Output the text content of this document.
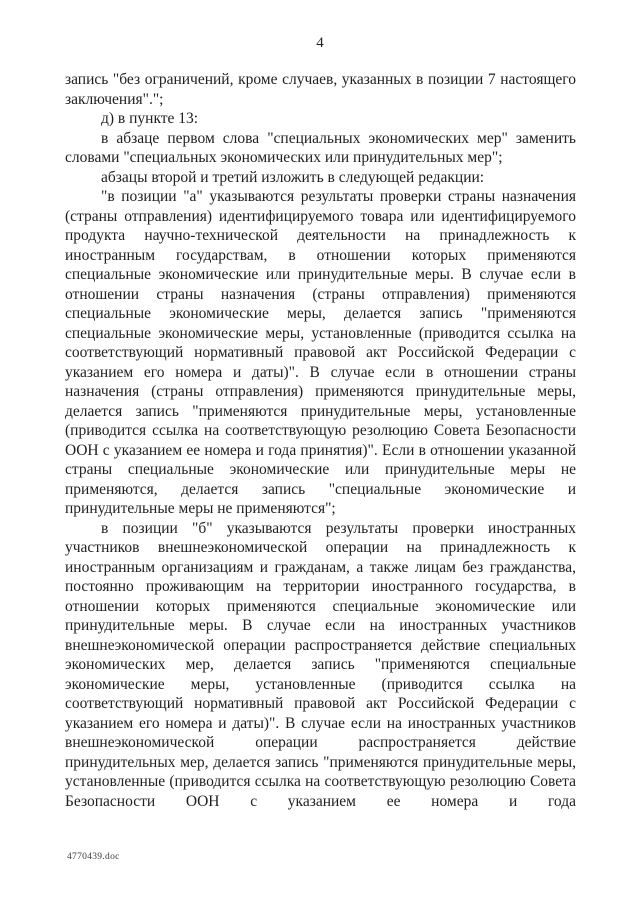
4

запись "без ограничений, кроме случаев, указанных в позиции 7 настоящего заключения".";

д) в пункте 13:

в абзаце первом слова "специальных экономических мер" заменить словами "специальных экономических или принудительных мер";

абзацы второй и третий изложить в следующей редакции:

"в позиции "а" указываются результаты проверки страны назначения (страны отправления) идентифицируемого товара или идентифицируемого продукта научно-технической деятельности на принадлежность к иностранным государствам, в отношении которых применяются специальные экономические или принудительные меры. В случае если в отношении страны назначения (страны отправления) применяются специальные экономические меры, делается запись "применяются специальные экономические меры, установленные (приводится ссылка на соответствующий нормативный правовой акт Российской Федерации с указанием его номера и даты)". В случае если в отношении страны назначения (страны отправления) применяются принудительные меры, делается запись "применяются принудительные меры, установленные (приводится ссылка на соответствующую резолюцию Совета Безопасности ООН с указанием ее номера и года принятия)". Если в отношении указанной страны специальные экономические или принудительные меры не применяются, делается запись "специальные экономические и принудительные меры не применяются";

в позиции "б" указываются результаты проверки иностранных участников внешнеэкономической операции на принадлежность к иностранным организациям и гражданам, а также лицам без гражданства, постоянно проживающим на территории иностранного государства, в отношении которых применяются специальные экономические или принудительные меры. В случае если на иностранных участников внешнеэкономической операции распространяется действие специальных экономических мер, делается запись "применяются специальные экономические меры, установленные (приводится ссылка на соответствующий нормативный правовой акт Российской Федерации с указанием его номера и даты)". В случае если на иностранных участников внешнеэкономической операции распространяется действие принудительных мер, делается запись "применяются принудительные меры, установленные (приводится ссылка на соответствующую резолюцию Совета Безопасности ООН с указанием ее номера и года

4770439.doc
